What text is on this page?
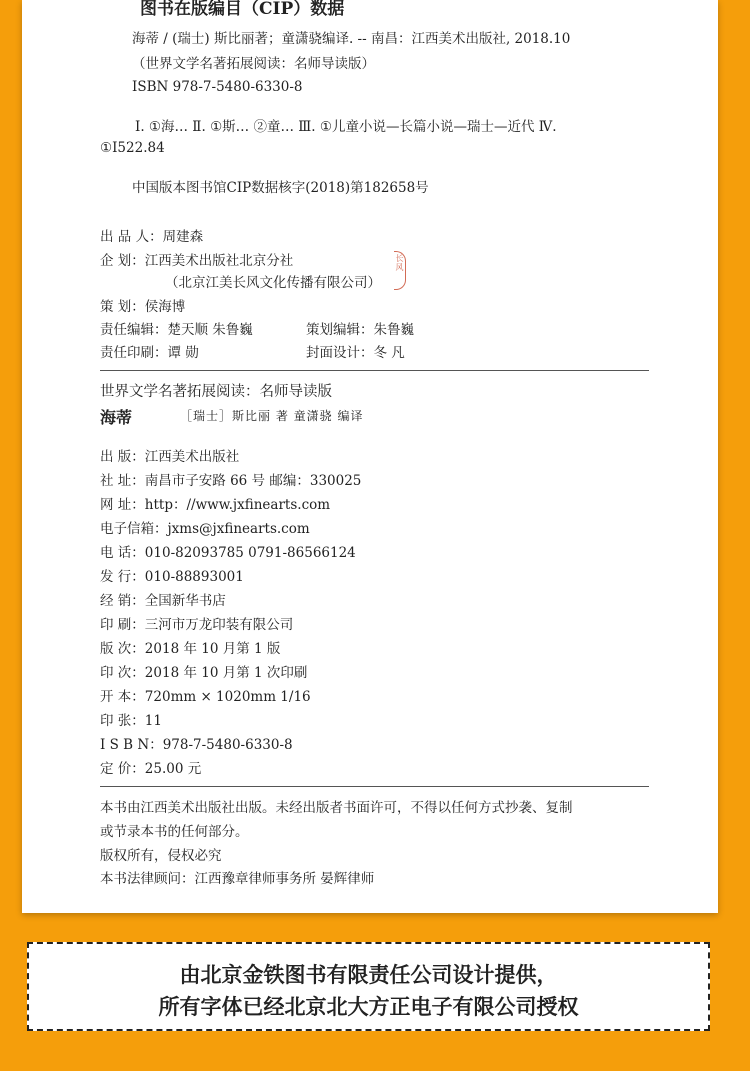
图书在版编目（CIP）数据
海蒂 / (瑞士) 斯比丽著；童潇骁编译. -- 南昌：江西美术出版社, 2018.10
（世界文学名著拓展阅读：名师导读版）
ISBN 978-7-5480-6330-8
Ⅰ. ①海… Ⅱ. ①斯… ②童… Ⅲ. ①儿童小说—长篇小说—瑞士—近代 Ⅳ.
①I522.84
中国版本图书馆CIP数据核字(2018)第182658号
出 品 人：周建森
企 划：江西美术出版社北京分社
（北京江美长风文化传播有限公司）
长风
策 划：侯海博
责任编辑：楚天顺 朱鲁巍	策划编辑：朱鲁巍
责任印刷：谭 勋	封面设计：冬 凡
世界文学名著拓展阅读：名师导读版
海蒂	［瑞士］斯比丽 著 童潇骁 编译
出 版：江西美术出版社
社 址：南昌市子安路 66 号 邮编：330025
网 址：http：//www.jxfinearts.com
电子信箱：jxms@jxfinearts.com
电 话：010-82093785 0791-86566124
发 行：010-88893001
经 销：全国新华书店
印 刷：三河市万龙印装有限公司
版 次：2018 年 10 月第 1 版
印 次：2018 年 10 月第 1 次印刷
开 本：720mm × 1020mm 1/16
印 张：11
I S B N：978-7-5480-6330-8
定 价：25.00 元
本书由江西美术出版社出版。未经出版者书面许可，不得以任何方式抄袭、复制
或节录本书的任何部分。
版权所有，侵权必究
本书法律顾问：江西豫章律师事务所 晏辉律师
由北京金铁图书有限责任公司设计提供，
所有字体已经北京北大方正电子有限公司授权
